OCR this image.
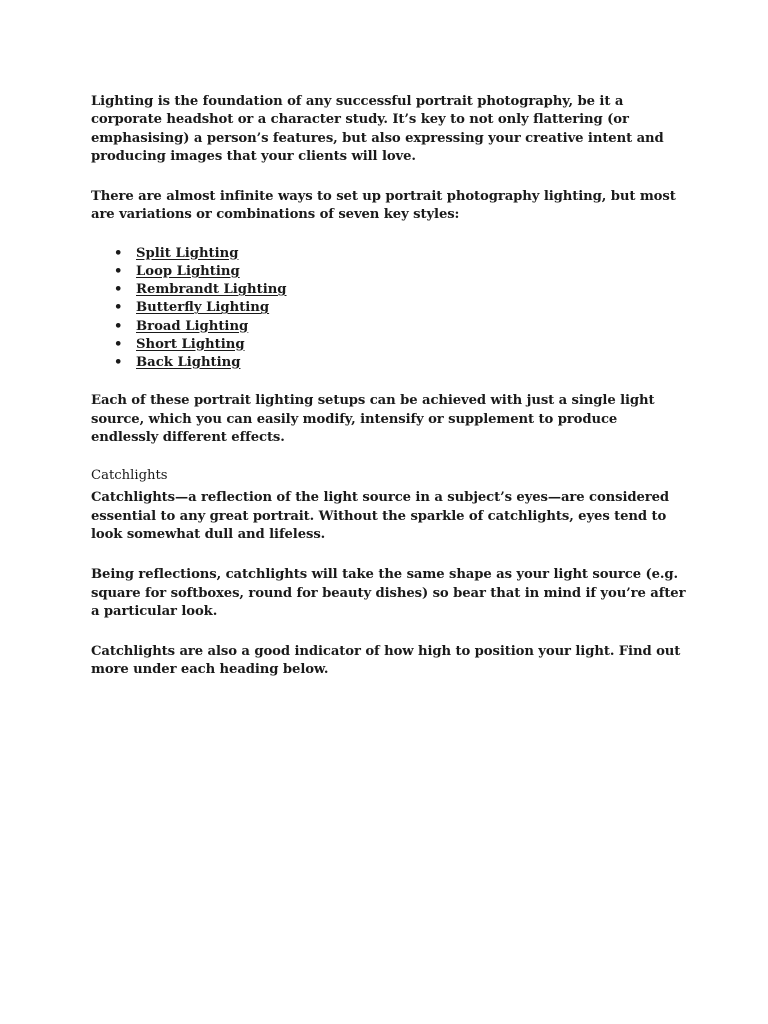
Lighting is the foundation of any successful portrait photography, be it a corporate headshot or a character study. It’s key to not only flattering (or emphasising) a person’s features, but also expressing your creative intent and producing images that your clients will love.

There are almost infinite ways to set up portrait photography lighting, but most are variations or combinations of seven key styles:

• Split Lighting
• Loop Lighting
• Rembrandt Lighting
• Butterfly Lighting
• Broad Lighting
• Short Lighting
• Back Lighting

Each of these portrait lighting setups can be achieved with just a single light source, which you can easily modify, intensify or supplement to produce endlessly different effects.

Catchlights

Catchlights—a reflection of the light source in a subject’s eyes—are considered essential to any great portrait. Without the sparkle of catchlights, eyes tend to look somewhat dull and lifeless.

Being reflections, catchlights will take the same shape as your light source (e.g. square for softboxes, round for beauty dishes) so bear that in mind if you’re after a particular look.

Catchlights are also a good indicator of how high to position your light. Find out more under each heading below.
